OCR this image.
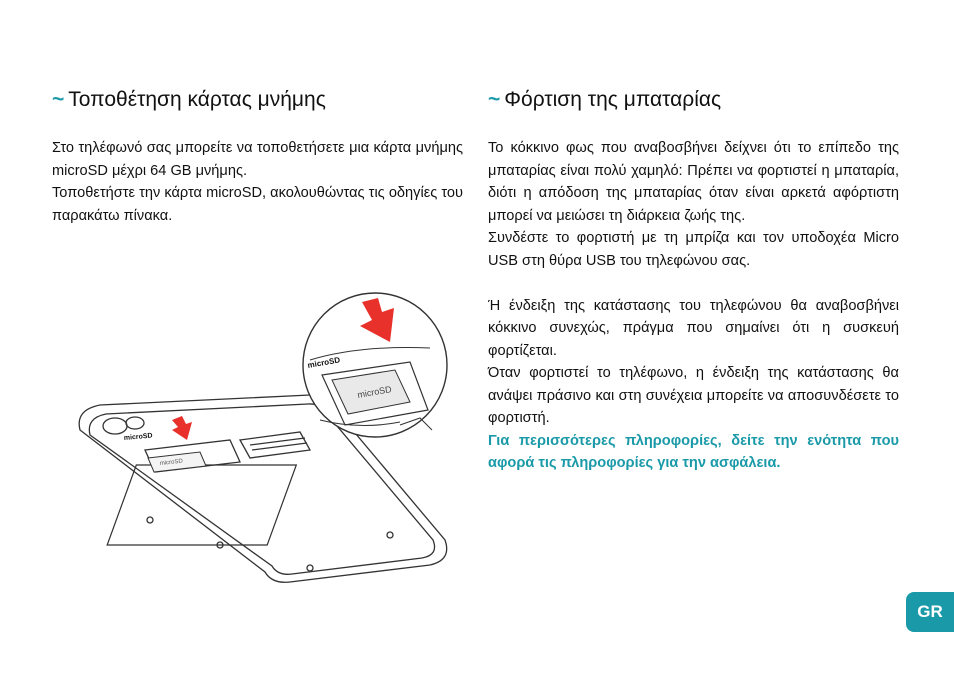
~ Τοποθέτηση κάρτας μνήμης	~ Φόρτιση της μπαταρίας

Στο τηλέφωνό σας μπορείτε να τοποθετήσετε μια κάρτα μνήμης microSD μέχρι 64 GB μνήμης.

Τοποθετήστε την κάρτα microSD, ακολουθώντας τις οδηγίες του παρακάτω πίνακα.

Το κόκκινο φως που αναβοσβήνει δείχνει ότι το επίπεδο της μπαταρίας είναι πολύ χαμηλό: Πρέπει να φορτιστεί η μπαταρία, διότι η απόδοση της μπαταρίας όταν είναι αρκετά αφόρτιστη μπορεί να μειώσει τη διάρκεια ζωής της.

Συνδέστε το φορτιστή με τη μπρίζα και τον υποδοχέα Micro USB στη θύρα USB του τηλεφώνου σας.

Ή ένδειξη της κατάστασης του τηλεφώνου θα αναβοσβήνει κόκκινο συνεχώς, πράγμα που σημαίνει ότι η συσκευή φορτίζεται.

Όταν φορτιστεί το τηλέφωνο, η ένδειξη της κατάστασης θα ανάψει πράσινο και στη συνέχεια μπορείτε να αποσυνδέσετε το φορτιστή.

Για περισσότερες πληροφορίες, δείτε την ενότητα που αφορά τις πληροφορίες για την ασφάλεια.

microSD
microSD
microSD
microSD
GR
